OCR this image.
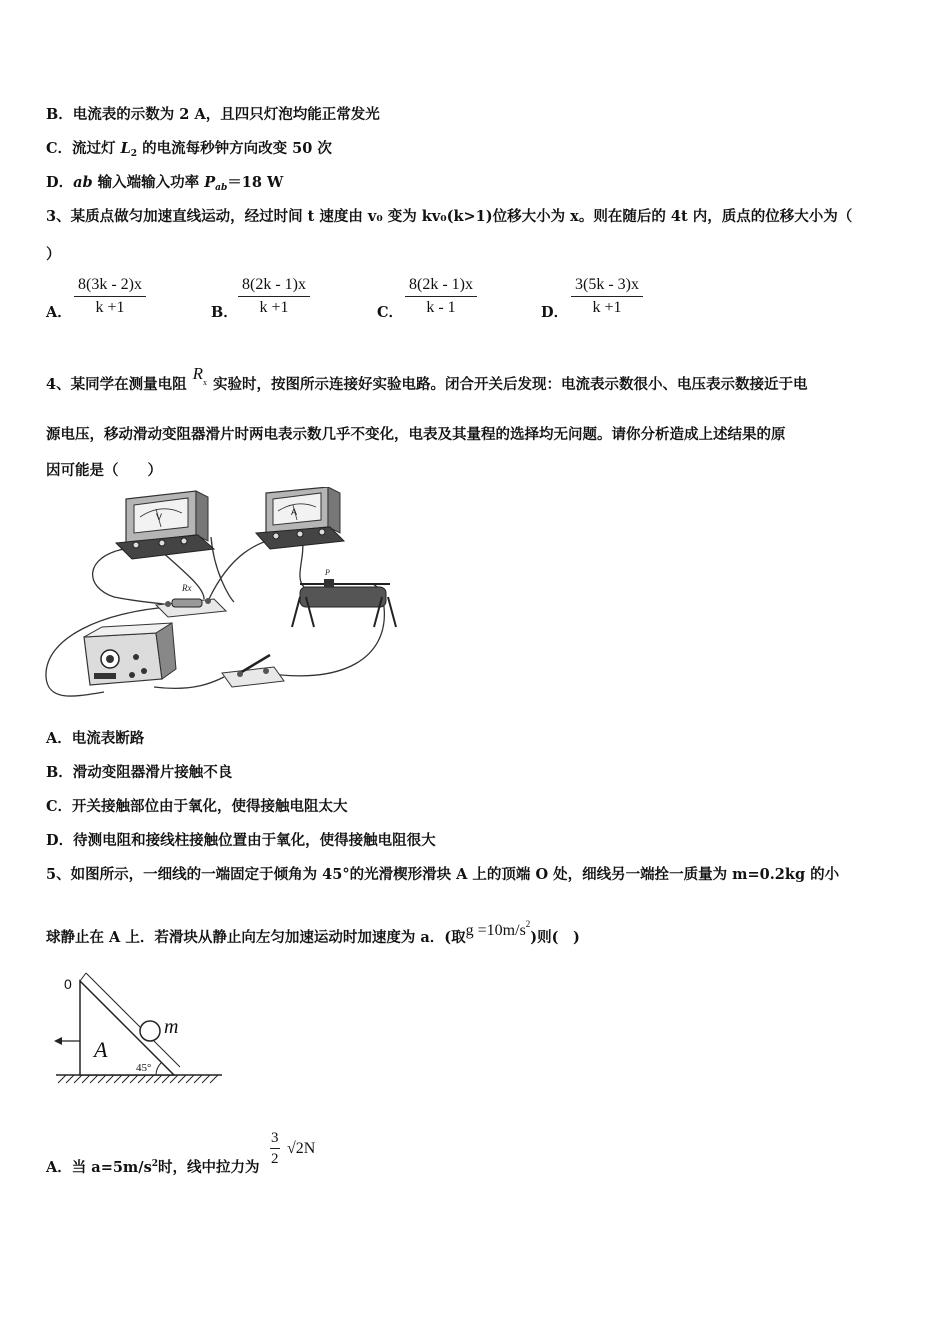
B．电流表的示数为 2 A，且四只灯泡均能正常发光
C．流过灯 $L_2$ 的电流每秒钟方向改变 50 次
D．ab 输入端输入功率 $P_{ab}=18$ W
3、某质点做匀加速直线运动，经过时间 t 速度由 v₀ 变为 kv₀(k>1)位移大小为 x。则在随后的 4t 内，质点的位移大小为（
）
A． $\frac{8(3k - 2)x}{k +1}$	B． $\frac{8(2k - 1)x}{k +1}$	C． $\frac{8(2k - 1)x}{k - 1}$	D． $\frac{3(5k - 3)x}{k +1}$
4、某同学在测量电阻$R^x$ 实验时，按图所示连接好实验电路。闭合开关后发现：电流表示数很小、电压表示数接近于电
源电压，移动滑动变阻器滑片时两电表示数几乎不变化，电表及其量程的选择均无问题。请你分析造成上述结果的原
因可能是（　　）
V	A
Rx
P
A．电流表断路
B．滑动变阻器滑片接触不良
C．开关接触部位由于氧化，使得接触电阻太大
D．待测电阻和接线柱接触位置由于氧化，使得接触电阻很大
5、如图所示，一细线的一端固定于倾角为 45°的光滑楔形滑块 A 上的顶端 O 处，细线另一端拴一质量为 m=0.2kg 的小
球静止在 A 上．若滑块从静止向左匀加速运动时加速度为 a．(取$g =10m/s^2$)则(　)
0
m
A
45°
A．当 $a=5m/s^2$时，线中拉力为 $\frac{3}{2} √2N$
